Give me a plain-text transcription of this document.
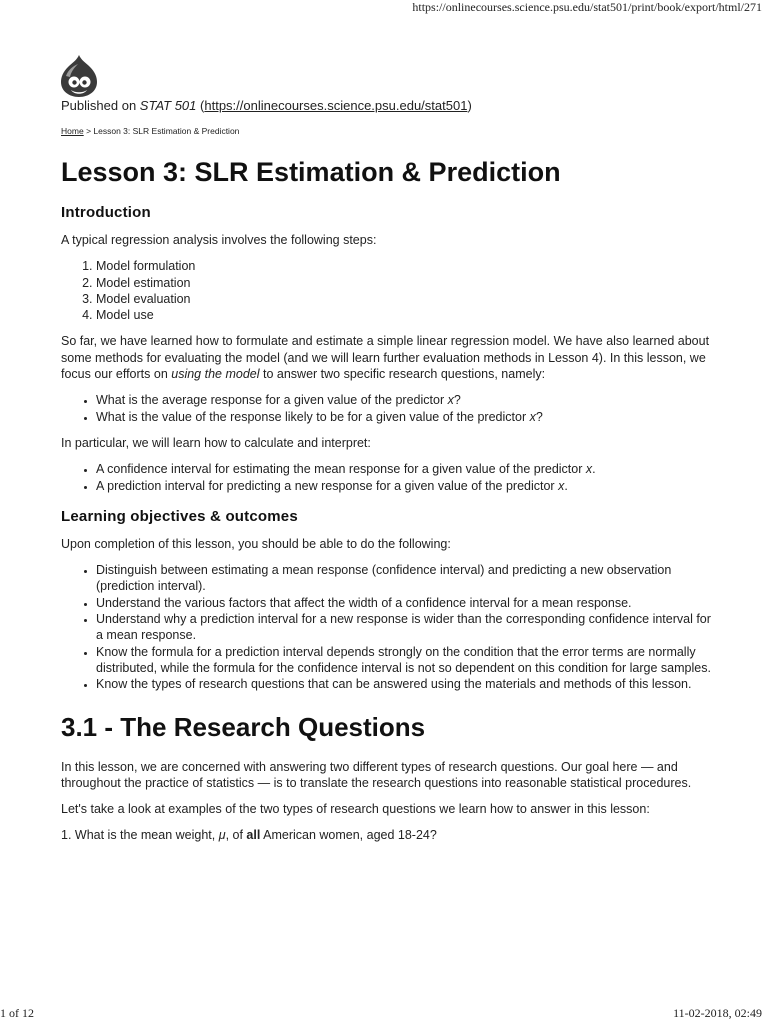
https://onlinecourses.science.psu.edu/stat501/print/book/export/html/271
Published on STAT 501 (https://onlinecourses.science.psu.edu/stat501)
Home > Lesson 3: SLR Estimation & Prediction
Lesson 3: SLR Estimation & Prediction
Introduction

A typical regression analysis involves the following steps:

1. Model formulation
2. Model estimation
3. Model evaluation
4. Model use

So far, we have learned how to formulate and estimate a simple linear regression model. We have also learned about some methods for evaluating the model (and we will learn further evaluation methods in Lesson 4). In this lesson, we focus our efforts on using the model to answer two specific research questions, namely:

• What is the average response for a given value of the predictor x?
• What is the value of the response likely to be for a given value of the predictor x?

In particular, we will learn how to calculate and interpret:

• A confidence interval for estimating the mean response for a given value of the predictor x.
• A prediction interval for predicting a new response for a given value of the predictor x.
Learning objectives & outcomes

Upon completion of this lesson, you should be able to do the following:

• Distinguish between estimating a mean response (confidence interval) and predicting a new observation (prediction interval).
• Understand the various factors that affect the width of a confidence interval for a mean response.
• Understand why a prediction interval for a new response is wider than the corresponding confidence interval for a mean response.
• Know the formula for a prediction interval depends strongly on the condition that the error terms are normally distributed, while the formula for the confidence interval is not so dependent on this condition for large samples.
• Know the types of research questions that can be answered using the materials and methods of this lesson.
3.1 - The Research Questions

In this lesson, we are concerned with answering two different types of research questions. Our goal here — and throughout the practice of statistics — is to translate the research questions into reasonable statistical procedures.

Let's take a look at examples of the two types of research questions we learn how to answer in this lesson:

1. What is the mean weight, μ, of all American women, aged 18-24?

1 of 12	11-02-2018, 02:49
